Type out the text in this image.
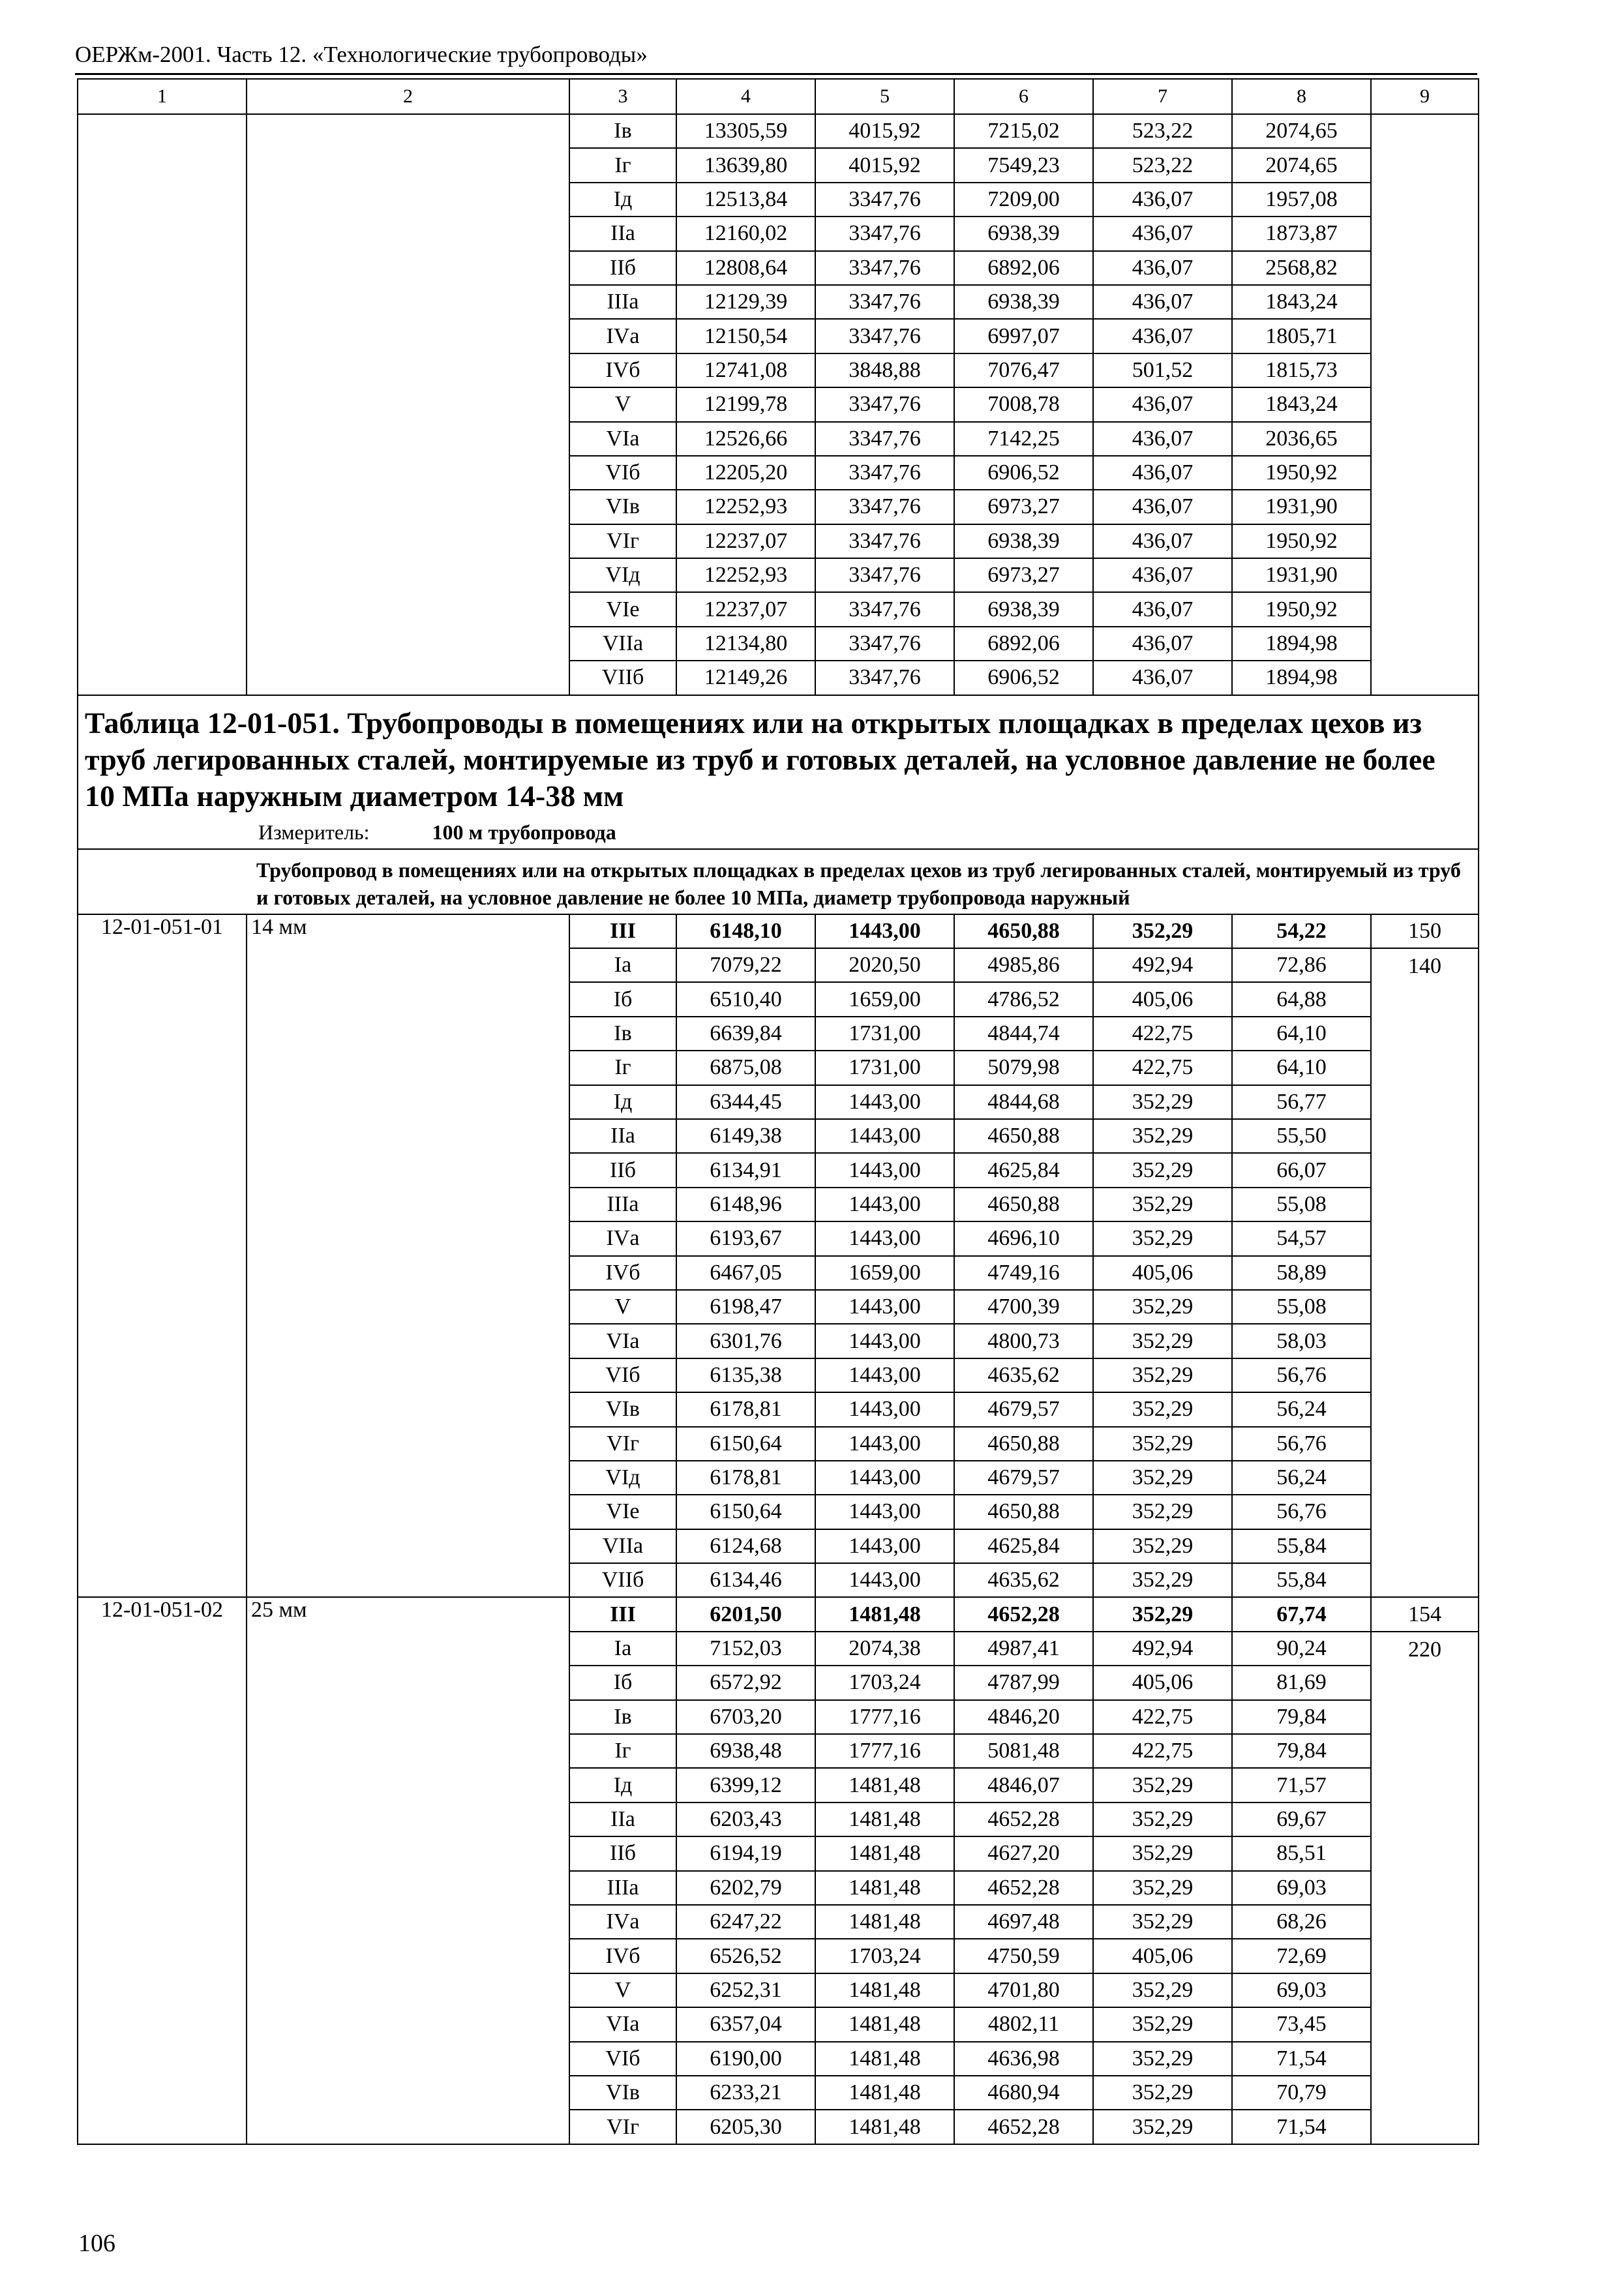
ОЕРЖм-2001. Часть 12. «Технологические трубопроводы»
1	2	3	4	5	6	7	8	9
		Iв	13305,59	4015,92	7215,02	523,22	2074,65	
		Iг	13639,80	4015,92	7549,23	523,22	2074,65	
		Iд	12513,84	3347,76	7209,00	436,07	1957,08	
		IIа	12160,02	3347,76	6938,39	436,07	1873,87	
		IIб	12808,64	3347,76	6892,06	436,07	2568,82	
		IIIа	12129,39	3347,76	6938,39	436,07	1843,24	
		IVа	12150,54	3347,76	6997,07	436,07	1805,71	
		IVб	12741,08	3848,88	7076,47	501,52	1815,73	
		V	12199,78	3347,76	7008,78	436,07	1843,24	
		VIа	12526,66	3347,76	7142,25	436,07	2036,65	
		VIб	12205,20	3347,76	6906,52	436,07	1950,92	
		VIв	12252,93	3347,76	6973,27	436,07	1931,90	
		VIг	12237,07	3347,76	6938,39	436,07	1950,92	
		VIд	12252,93	3347,76	6973,27	436,07	1931,90	
		VIе	12237,07	3347,76	6938,39	436,07	1950,92	
		VIIа	12134,80	3347,76	6892,06	436,07	1894,98	
		VIIб	12149,26	3347,76	6906,52	436,07	1894,98	
Таблица 12-01-051. Трубопроводы в помещениях или на открытых площадках в пределах цехов из труб легированных сталей, монтируемые из труб и готовых деталей, на условное давление не более 10 МПа наружным диаметром 14-38 мм								
Измеритель: 100 м трубопровода								
Трубопровод в помещениях или на открытых площадках в пределах цехов из труб легированных сталей, монтируемый из труб и готовых деталей, на условное давление не более 10 МПа, диаметр трубопровода наружный								
12-01-051-01	14 мм	III	6148,10	1443,00	4650,88	352,29	54,22	150
		Iа	7079,22	2020,50	4985,86	492,94	72,86	140
		Iб	6510,40	1659,00	4786,52	405,06	64,88	
		Iв	6639,84	1731,00	4844,74	422,75	64,10	
		Iг	6875,08	1731,00	5079,98	422,75	64,10	
		Iд	6344,45	1443,00	4844,68	352,29	56,77	
		IIа	6149,38	1443,00	4650,88	352,29	55,50	
		IIб	6134,91	1443,00	4625,84	352,29	66,07	
		IIIа	6148,96	1443,00	4650,88	352,29	55,08	
		IVа	6193,67	1443,00	4696,10	352,29	54,57	
		IVб	6467,05	1659,00	4749,16	405,06	58,89	
		V	6198,47	1443,00	4700,39	352,29	55,08	
		VIа	6301,76	1443,00	4800,73	352,29	58,03	
		VIб	6135,38	1443,00	4635,62	352,29	56,76	
		VIв	6178,81	1443,00	4679,57	352,29	56,24	
		VIг	6150,64	1443,00	4650,88	352,29	56,76	
		VIд	6178,81	1443,00	4679,57	352,29	56,24	
		VIе	6150,64	1443,00	4650,88	352,29	56,76	
		VIIа	6124,68	1443,00	4625,84	352,29	55,84	
		VIIб	6134,46	1443,00	4635,62	352,29	55,84	
12-01-051-02	25 мм	III	6201,50	1481,48	4652,28	352,29	67,74	154
		Iа	7152,03	2074,38	4987,41	492,94	90,24	220
		Iб	6572,92	1703,24	4787,99	405,06	81,69	
		Iв	6703,20	1777,16	4846,20	422,75	79,84	
		Iг	6938,48	1777,16	5081,48	422,75	79,84	
		Iд	6399,12	1481,48	4846,07	352,29	71,57	
		IIа	6203,43	1481,48	4652,28	352,29	69,67	
		IIб	6194,19	1481,48	4627,20	352,29	85,51	
		IIIа	6202,79	1481,48	4652,28	352,29	69,03	
		IVа	6247,22	1481,48	4697,48	352,29	68,26	
		IVб	6526,52	1703,24	4750,59	405,06	72,69	
		V	6252,31	1481,48	4701,80	352,29	69,03	
		VIа	6357,04	1481,48	4802,11	352,29	73,45	
		VIб	6190,00	1481,48	4636,98	352,29	71,54	
		VIв	6233,21	1481,48	4680,94	352,29	70,79	
		VIг	6205,30	1481,48	4652,28	352,29	71,54	
106
